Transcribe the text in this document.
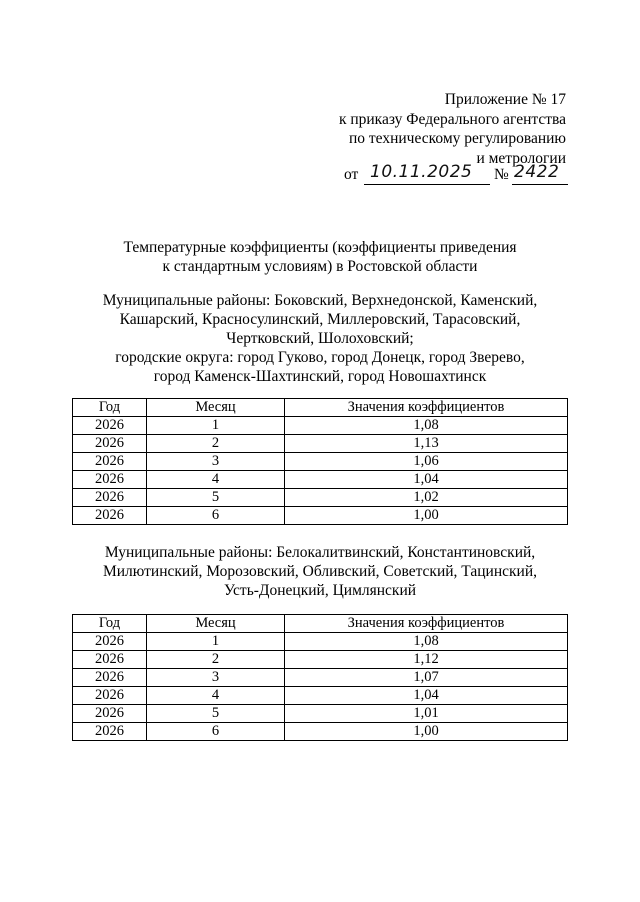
Приложение № 17
к приказу Федерального агентства
по техническому регулированию
и метрологии
от 10.11.2025 № 2422
Температурные коэффициенты (коэффициенты приведения
к стандартным условиям) в Ростовской области
Муниципальные районы: Боковский, Верхнедонской, Каменский,
Кашарский, Красносулинский, Миллеровский, Тарасовский,
Чертковский, Шолоховский;
городские округа: город Гуково, город Донецк, город Зверево,
город Каменск-Шахтинский, город Новошахтинск
Год	Месяц	Значения коэффициентов
2026	1	1,08
2026	2	1,13
2026	3	1,06
2026	4	1,04
2026	5	1,02
2026	6	1,00
Муниципальные районы: Белокалитвинский, Константиновский,
Милютинский, Морозовский, Обливский, Советский, Тацинский,
Усть-Донецкий, Цимлянский
Год	Месяц	Значения коэффициентов
2026	1	1,08
2026	2	1,12
2026	3	1,07
2026	4	1,04
2026	5	1,01
2026	6	1,00
